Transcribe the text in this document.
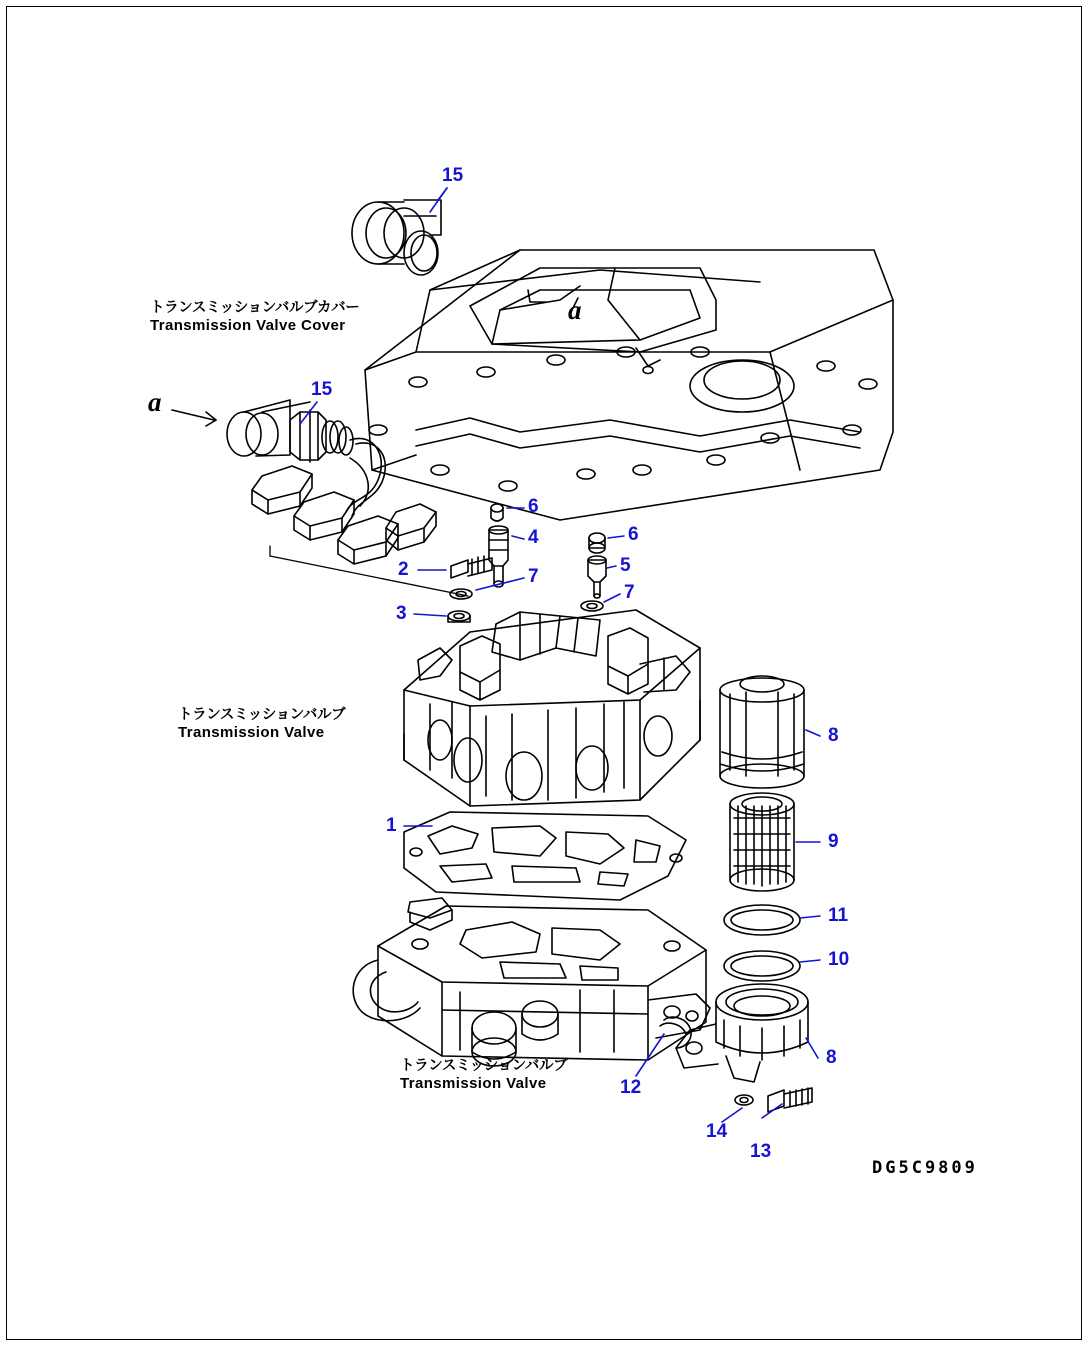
15
15
6
6
4
5
2	7
7
3
8
9
11
10
1
8
12
14
13
トランスミッションバルブカバー
Transmission Valve Cover
トランスミッションバルブ
Transmission Valve
トランスミッションバルブ
Transmission Valve
a
a
DG5C9809
